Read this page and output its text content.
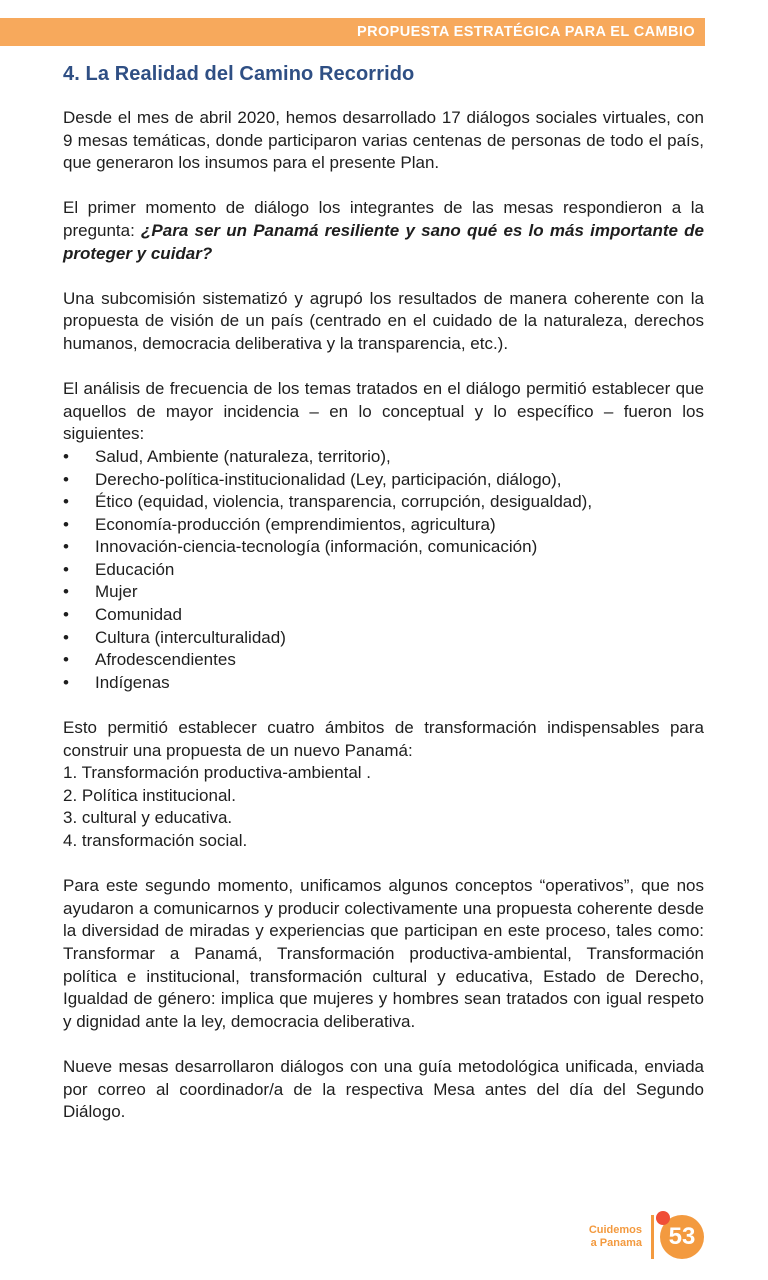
PROPUESTA ESTRATÉGICA PARA EL CAMBIO
4. La Realidad del Camino Recorrido

Desde el mes de abril 2020, hemos desarrollado 17 diálogos sociales virtuales, con 9 mesas temáticas, donde participaron varias centenas de personas de todo el país, que generaron los insumos para el presente Plan.

El primer momento de diálogo los integrantes de las mesas respondieron a la pregunta: ¿Para ser un Panamá resiliente y sano qué es lo más importante de proteger y cuidar?

Una subcomisión sistematizó y agrupó los resultados de manera coherente con la propuesta de visión de un país (centrado en el cuidado de la naturaleza, derechos humanos, democracia deliberativa y la transparencia, etc.).

El análisis de frecuencia de los temas tratados en el diálogo permitió establecer que aquellos de mayor incidencia – en lo conceptual y lo específico – fueron los siguientes:

• Salud, Ambiente (naturaleza, territorio),
• Derecho-política-institucionalidad (Ley, participación, diálogo),
• Ético (equidad, violencia, transparencia, corrupción, desigualdad),
• Economía-producción (emprendimientos, agricultura)
• Innovación-ciencia-tecnología (información, comunicación)
• Educación
• Mujer
• Comunidad
• Cultura (interculturalidad)
• Afrodescendientes
• Indígenas

Esto permitió establecer cuatro ámbitos de transformación indispensables para construir una propuesta de un nuevo Panamá:

1. Transformación productiva-ambiental .
2. Política institucional.
3. cultural y educativa.
4. transformación social.

Para este segundo momento, unificamos algunos conceptos “operativos”, que nos ayudaron a comunicarnos y producir colectivamente una propuesta coherente desde la diversidad de miradas y experiencias que participan en este proceso, tales como: Transformar a Panamá, Transformación productiva-ambiental, Transformación política e institucional, transformación cultural y educativa, Estado de Derecho, Igualdad de género: implica que mujeres y hombres sean tratados con igual respeto y dignidad ante la ley, democracia deliberativa.

Nueve mesas desarrollaron diálogos con una guía metodológica unificada, enviada por correo al coordinador/a de la respectiva Mesa antes del día del Segundo Diálogo.

Cuidemos
a Panama	53
